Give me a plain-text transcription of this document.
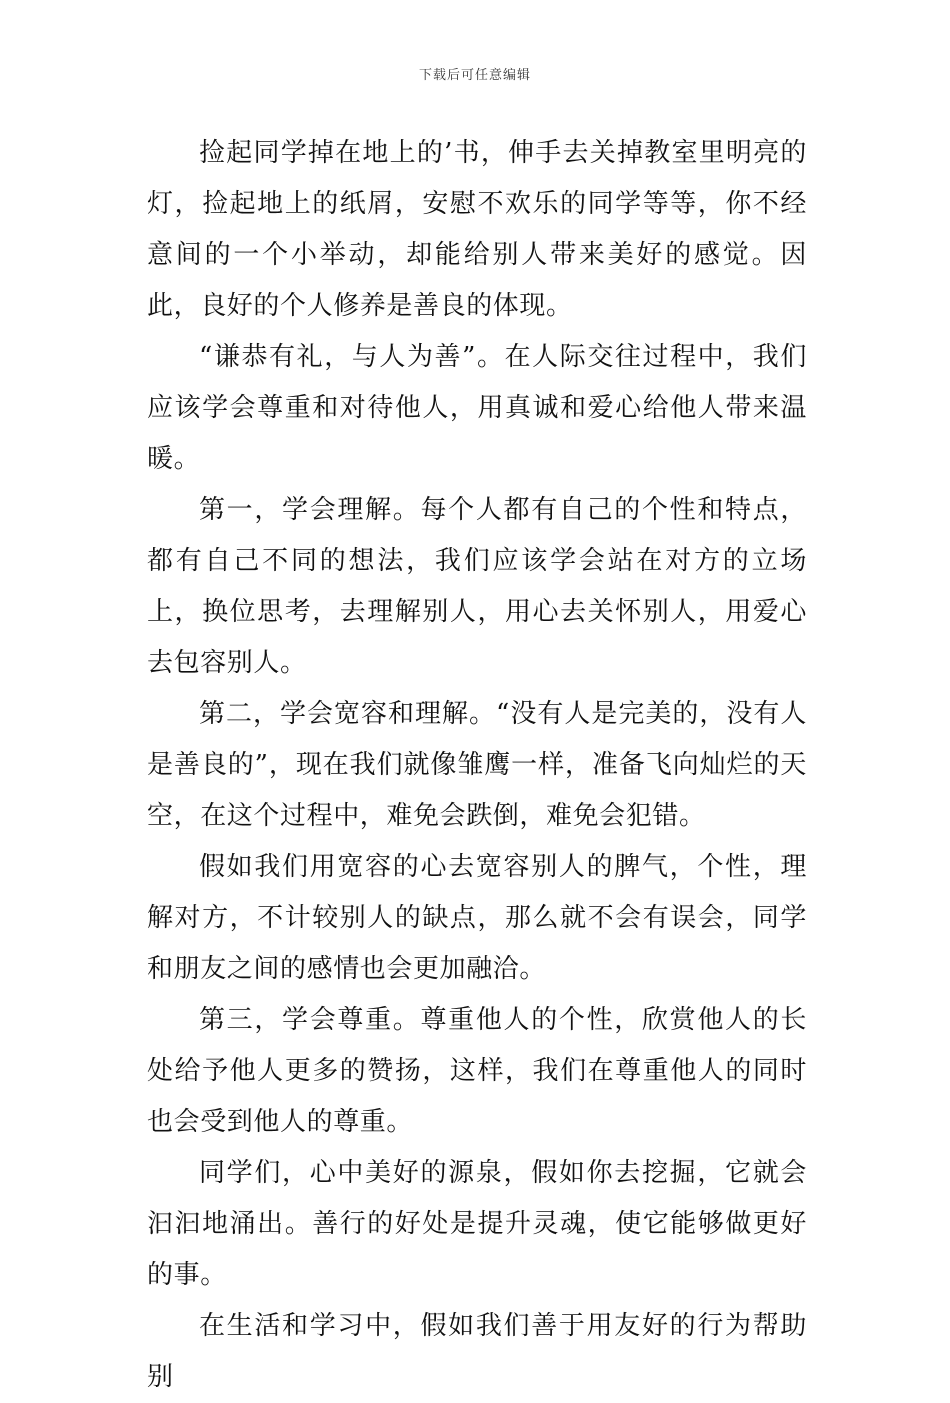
下载后可任意编辑

捡起同学掉在地上的’书，伸手去关掉教室里明亮的灯，捡起地上的纸屑，安慰不欢乐的同学等等，你不经意间的一个小举动，却能给别人带来美好的感觉。因此，良好的个人修养是善良的体现。

“谦恭有礼，与人为善”。在人际交往过程中，我们应该学会尊重和对待他人，用真诚和爱心给他人带来温暖。

第一，学会理解。每个人都有自己的个性和特点，都有自己不同的想法，我们应该学会站在对方的立场上，换位思考，去理解别人，用心去关怀别人，用爱心去包容别人。

第二，学会宽容和理解。“没有人是完美的，没有人是善良的”，现在我们就像雏鹰一样，准备飞向灿烂的天空，在这个过程中，难免会跌倒，难免会犯错。

假如我们用宽容的心去宽容别人的脾气，个性，理解对方，不计较别人的缺点，那么就不会有误会，同学和朋友之间的感情也会更加融洽。

第三，学会尊重。尊重他人的个性，欣赏他人的长处给予他人更多的赞扬，这样，我们在尊重他人的同时也会受到他人的尊重。

同学们，心中美好的源泉，假如你去挖掘，它就会汩汩地涌出。善行的好处是提升灵魂，使它能够做更好的事。

在生活和学习中，假如我们善于用友好的行为帮助别
